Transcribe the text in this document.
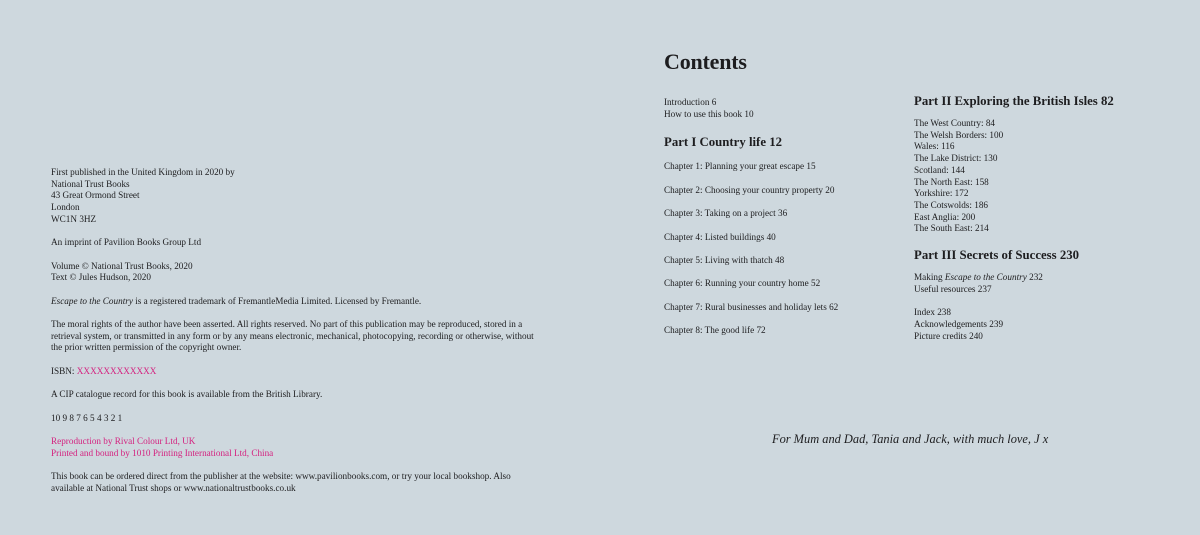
First published in the United Kingdom in 2020 by

National Trust Books

43 Great Ormond Street

London

WC1N 3HZ

An imprint of Pavilion Books Group Ltd

Volume © National Trust Books, 2020

Text © Jules Hudson, 2020

Escape to the Country is a registered trademark of FremantleMedia Limited. Licensed by Fremantle.

The moral rights of the author have been asserted. All rights reserved. No part of this publication may be reproduced, stored in a retrieval system, or transmitted in any form or by any means electronic, mechanical, photocopying, recording or otherwise, without the prior written permission of the copyright owner.

ISBN: XXXXXXXXXXXX

A CIP catalogue record for this book is available from the British Library.

10 9 8 7 6 5 4 3 2 1

Reproduction by Rival Colour Ltd, UK

Printed and bound by 1010 Printing International Ltd, China

This book can be ordered direct from the publisher at the website: www.pavilionbooks.com, or try your local bookshop. Also available at National Trust shops or www.nationaltrustbooks.co.uk

Contents

Introduction 6

How to use this book 10

Part I Country life 12

Chapter 1: Planning your great escape 15

Chapter 2: Choosing your country property 20

Chapter 3: Taking on a project 36

Chapter 4: Listed buildings 40

Chapter 5: Living with thatch 48

Chapter 6: Running your country home 52

Chapter 7: Rural businesses and holiday lets 62

Chapter 8: The good life 72

Part II Exploring the British Isles 82

The West Country: 84

The Welsh Borders: 100

Wales: 116

The Lake District: 130

Scotland: 144

The North East: 158

Yorkshire: 172

The Cotswolds: 186

East Anglia: 200

The South East: 214

Part III Secrets of Success 230

Making Escape to the Country 232

Useful resources 237

Index 238

Acknowledgements 239

Picture credits 240

For Mum and Dad, Tania and Jack, with much love, J x
